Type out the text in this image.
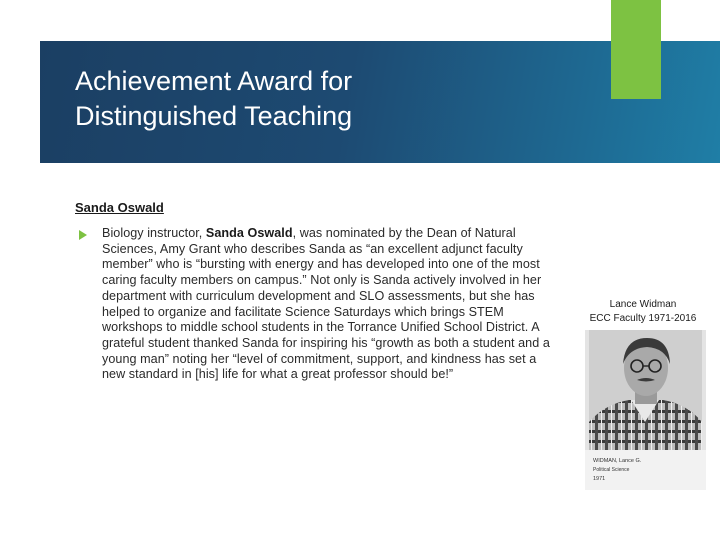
Achievement Award for
Distinguished Teaching
Sanda Oswald
Biology instructor, Sanda Oswald, was nominated by the Dean of Natural Sciences, Amy Grant who describes Sanda as “an excellent adjunct faculty member” who is “bursting with energy and has developed into one of the most caring faculty members on campus.” Not only is Sanda actively involved in her department with curriculum development and SLO assessments, but she has helped to organize and facilitate Science Saturdays which brings STEM workshops to middle school students in the Torrance Unified School District. A grateful student thanked Sanda for inspiring his “growth as both a student and a young man” noting her “level of commitment, support, and kindness has set a new standard in [his] life for what a great professor should be!”
Lance Widman
ECC Faculty 1971-2016
WIDMAN, Lance G.
Political Science
1971
